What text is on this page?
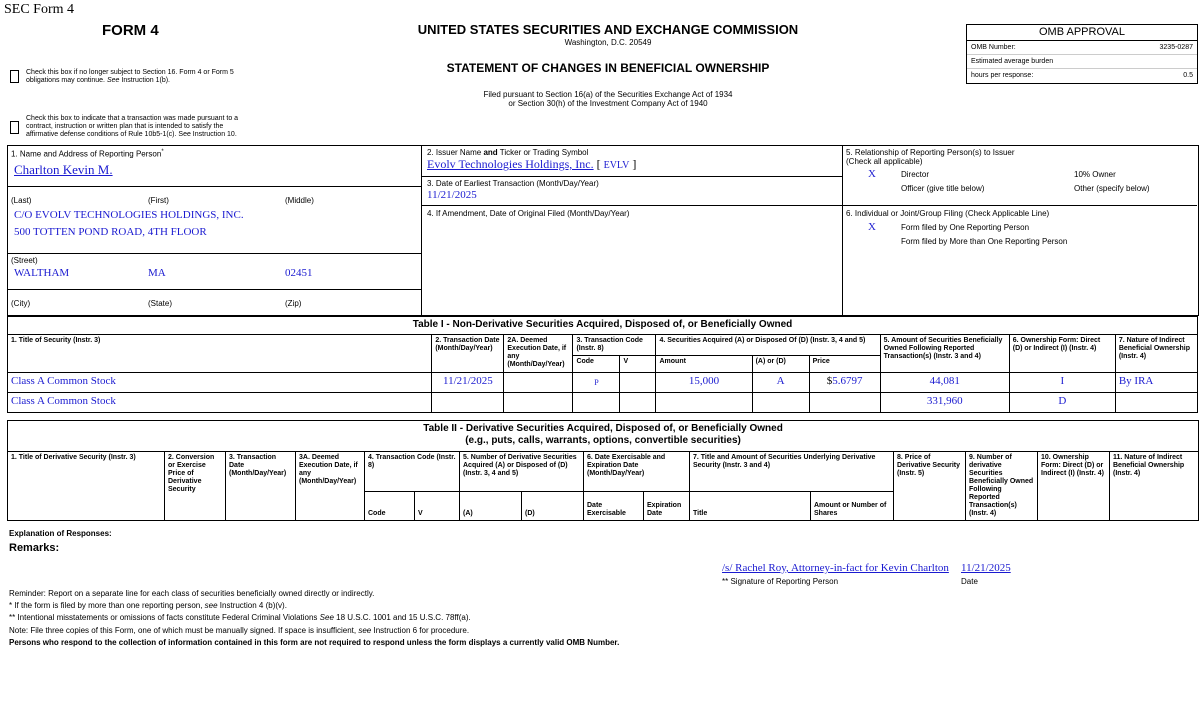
SEC Form 4
FORM 4	UNITED STATES SECURITIES AND EXCHANGE COMMISSION
Washington, D.C. 20549
STATEMENT OF CHANGES IN BENEFICIAL OWNERSHIP
Filed pursuant to Section 16(a) of the Securities Exchange Act of 1934
or Section 30(h) of the Investment Company Act of 1940
OMB APPROVAL
OMB Number:	3235-0287
Estimated average burden
hours per response:	0.5
Check this box if no longer subject to Section 16. Form 4 or Form 5
obligations may continue. See Instruction 1(b).
Check this box to indicate that a transaction was made pursuant to a
contract, instruction or written plan that is intended to satisfy the
affirmative defense conditions of Rule 10b5-1(c). See Instruction 10.
1. Name and Address of Reporting Person*
Charlton Kevin M.
(Last)	(First)	(Middle)
C/O EVOLV TECHNOLOGIES HOLDINGS, INC.
500 TOTTEN POND ROAD, 4TH FLOOR
(Street)
WALTHAM	MA	02451
(City)	(State)	(Zip)
2. Issuer Name and Ticker or Trading Symbol
Evolv Technologies Holdings, Inc. [ EVLV ]
3. Date of Earliest Transaction (Month/Day/Year)
11/21/2025
4. If Amendment, Date of Original Filed (Month/Day/Year)
5. Relationship of Reporting Person(s) to Issuer
(Check all applicable)
X	Director	10% Owner
Officer (give title below)	Other (specify below)
6. Individual or Joint/Group Filing (Check Applicable Line)
X	Form filed by One Reporting Person
Form filed by More than One Reporting Person
Table I - Non-Derivative Securities Acquired, Disposed of, or Beneficially Owned										
1. Title of Security (Instr. 3)	2. Transaction Date (Month/Day/Year)	2A. Deemed Execution Date, if any (Month/Day/Year)	3. Transaction Code (Instr. 8)		4. Securities Acquired (A) or Disposed Of (D) (Instr. 3, 4 and 5)			5. Amount of Securities Beneficially Owned Following Reported Transaction(s) (Instr. 3 and 4)	6. Ownership Form: Direct (D) or Indirect (I) (Instr. 4)	7. Nature of Indirect Beneficial Ownership (Instr. 4)
			Code	V	Amount	(A) or (D)	Price			
Class A Common Stock	11/21/2025		P		15,000	A	$5.6797	44,081	I	By IRA
Class A Common Stock								331,960	D	
Table II - Derivative Securities Acquired, Disposed of, or Beneficially Owned
(e.g., puts, calls, warrants, options, convertible securities)															

1. Title of Derivative Security (Instr. 3)	2. Conversion or Exercise Price of Derivative Security	3. Transaction Date (Month/Day/Year)	3A. Deemed Execution Date, if any (Month/Day/Year)	4. Transaction Code (Instr. 8)		5. Number of Derivative Securities Acquired (A) or Disposed of (D) (Instr. 3, 4 and 5)		6. Date Exercisable and Expiration Date (Month/Day/Year)		7. Title and Amount of Securities Underlying Derivative Security (Instr. 3 and 4)		8. Price of Derivative Security (Instr. 5)	9. Number of derivative Securities Beneficially Owned Following Reported Transaction(s) (Instr. 4)	10. Ownership Form: Direct (D) or Indirect (I) (Instr. 4)	11. Nature of Indirect Beneficial Ownership (Instr. 4)
				Code	V	(A)	(D)	Date Exercisable	Expiration Date	Title	Amount or Number of Shares				
Explanation of Responses:
Remarks:
/s/ Rachel Roy, Attorney-in-fact for Kevin Charlton 11/21/2025
** Signature of Reporting Person	Date
Reminder: Report on a separate line for each class of securities beneficially owned directly or indirectly.
* If the form is filed by more than one reporting person, see Instruction 4 (b)(v).
** Intentional misstatements or omissions of facts constitute Federal Criminal Violations See 18 U.S.C. 1001 and 15 U.S.C. 78ff(a).
Note: File three copies of this Form, one of which must be manually signed. If space is insufficient, see Instruction 6 for procedure.
Persons who respond to the collection of information contained in this form are not required to respond unless the form displays a currently valid OMB Number.
